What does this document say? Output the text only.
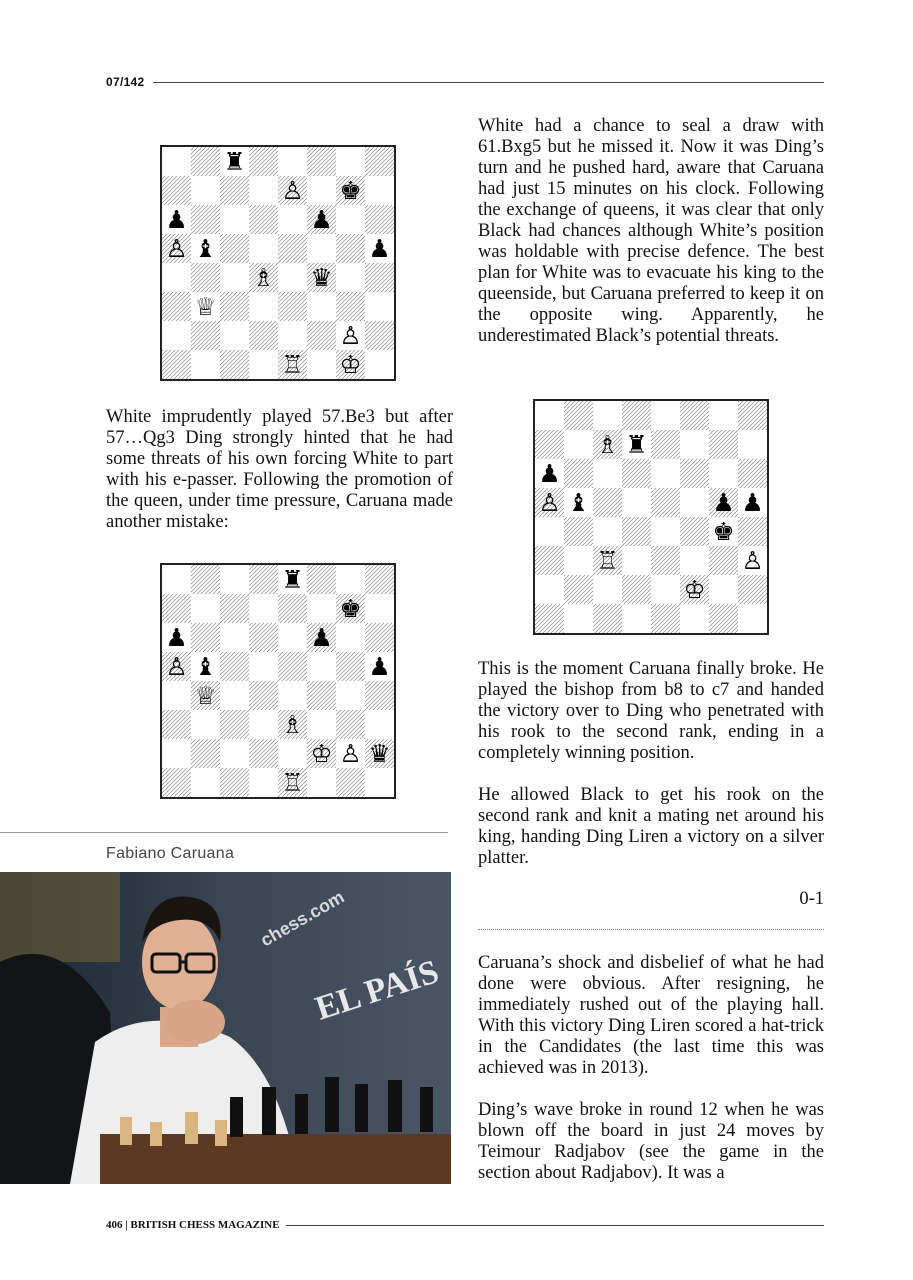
07/142
♜
♙ ♚
♟	♟
♙ ♝	♟
♗ ♛
♕
♙
♖ ♔

White imprudently played 57.Be3 but after 57…Qg3 Ding strongly hinted that he had some threats of his own forcing White to part with his e-passer. Following the promotion of the queen, under time pressure, Caruana made another mistake:

♜
♚
♟	♟
♙ ♝	♟
♕
♗
♔ ♙ ♛
♖
Fabiano Caruana
EL PAÍS
chess.com

White had a chance to seal a draw with 61.Bxg5 but he missed it. Now it was Ding’s turn and he pushed hard, aware that Caruana had just 15 minutes on his clock. Following the exchange of queens, it was clear that only Black had chances although White’s position was holdable with precise defence. The best plan for White was to evacuate his king to the queenside, but Caruana preferred to keep it on the opposite wing. Apparently, he underestimated Black’s potential threats.

♗ ♜
♟
♙ ♝	♟ ♟
♚
♖	♙
♔

This is the moment Caruana finally broke. He played the bishop from b8 to c7 and handed the victory over to Ding who penetrated with his rook to the second rank, ending in a completely winning position.

He allowed Black to get his rook on the second rank and knit a mating net around his king, handing Ding Liren a victory on a silver platter.

0-1

Caruana’s shock and disbelief of what he had done were obvious. After resigning, he immediately rushed out of the playing hall. With this victory Ding Liren scored a hat-trick in the Candidates (the last time this was achieved was in 2013).

Ding’s wave broke in round 12 when he was blown off the board in just 24 moves by Teimour Radjabov (see the game in the section about Radjabov). It was a

406 | BRITISH CHESS MAGAZINE
